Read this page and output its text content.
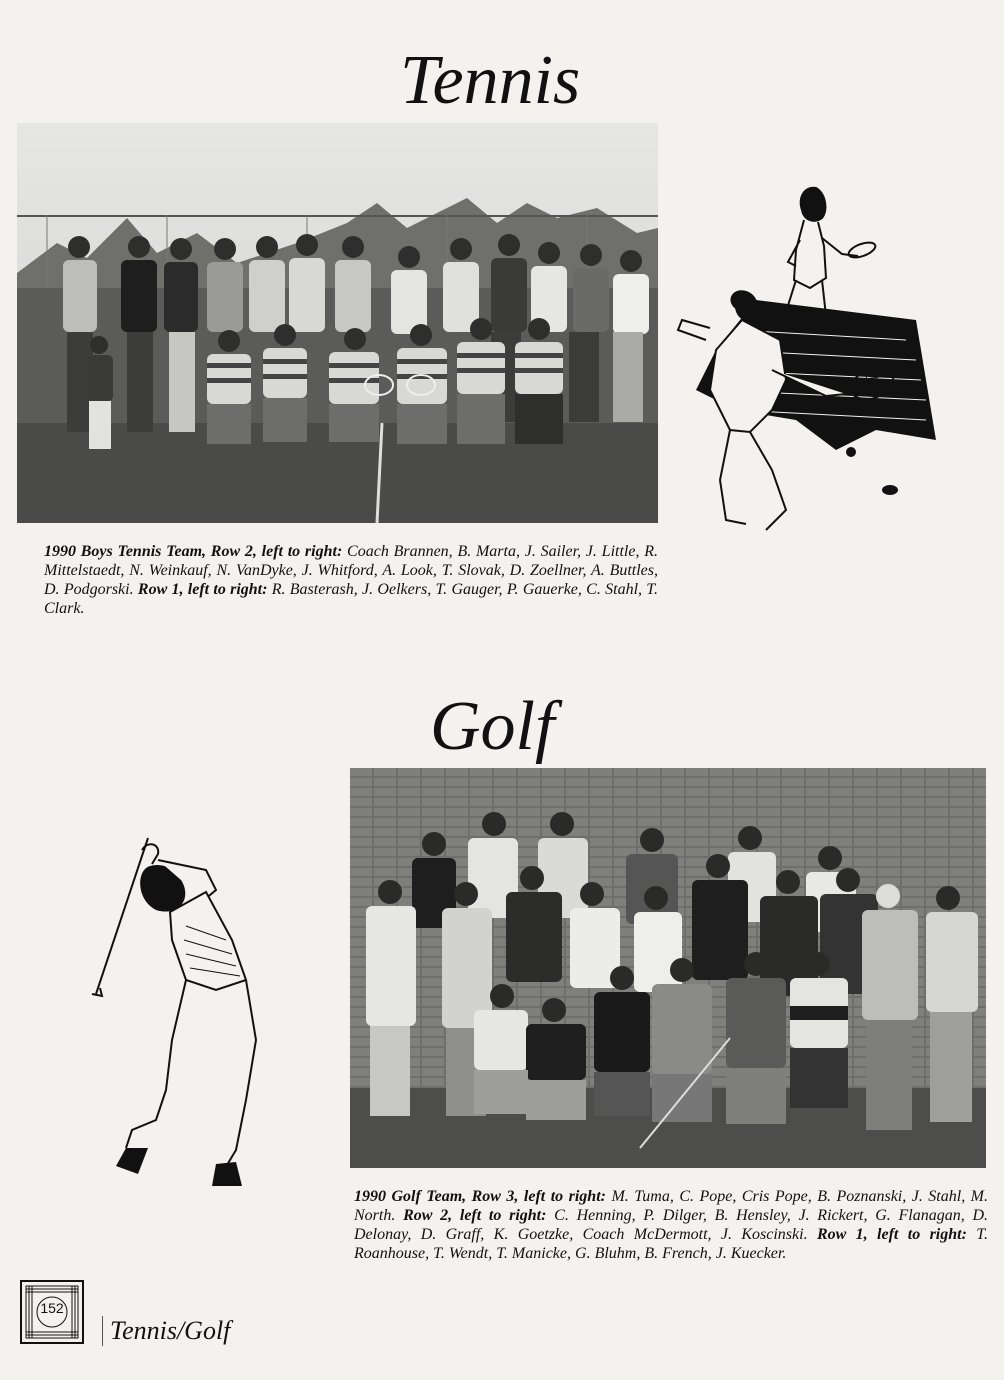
Tennis
1990 Boys Tennis Team, Row 2, left to right: Coach Brannen, B. Marta, J. Sailer, J. Little, R. Mittelstaedt, N. Weinkauf, N. VanDyke, J. Whitford, A. Look, T. Slovak, D. Zoellner, A. Buttles, D. Podgorski. Row 1, left to right: R. Basterash, J. Oelkers, T. Gauger, P. Gauerke, C. Stahl, T. Clark.
Golf
1990 Golf Team, Row 3, left to right: M. Tuma, C. Pope, Cris Pope, B. Poznanski, J. Stahl, M. North. Row 2, left to right: C. Henning, P. Dilger, B. Hensley, J. Rickert, G. Flanagan, D. Delonay, D. Graff, K. Goetzke, Coach McDermott, J. Koscinski. Row 1, left to right: T. Roanhouse, T. Wendt, T. Manicke, G. Bluhm, B. French, J. Kuecker.
152
Tennis/Golf
